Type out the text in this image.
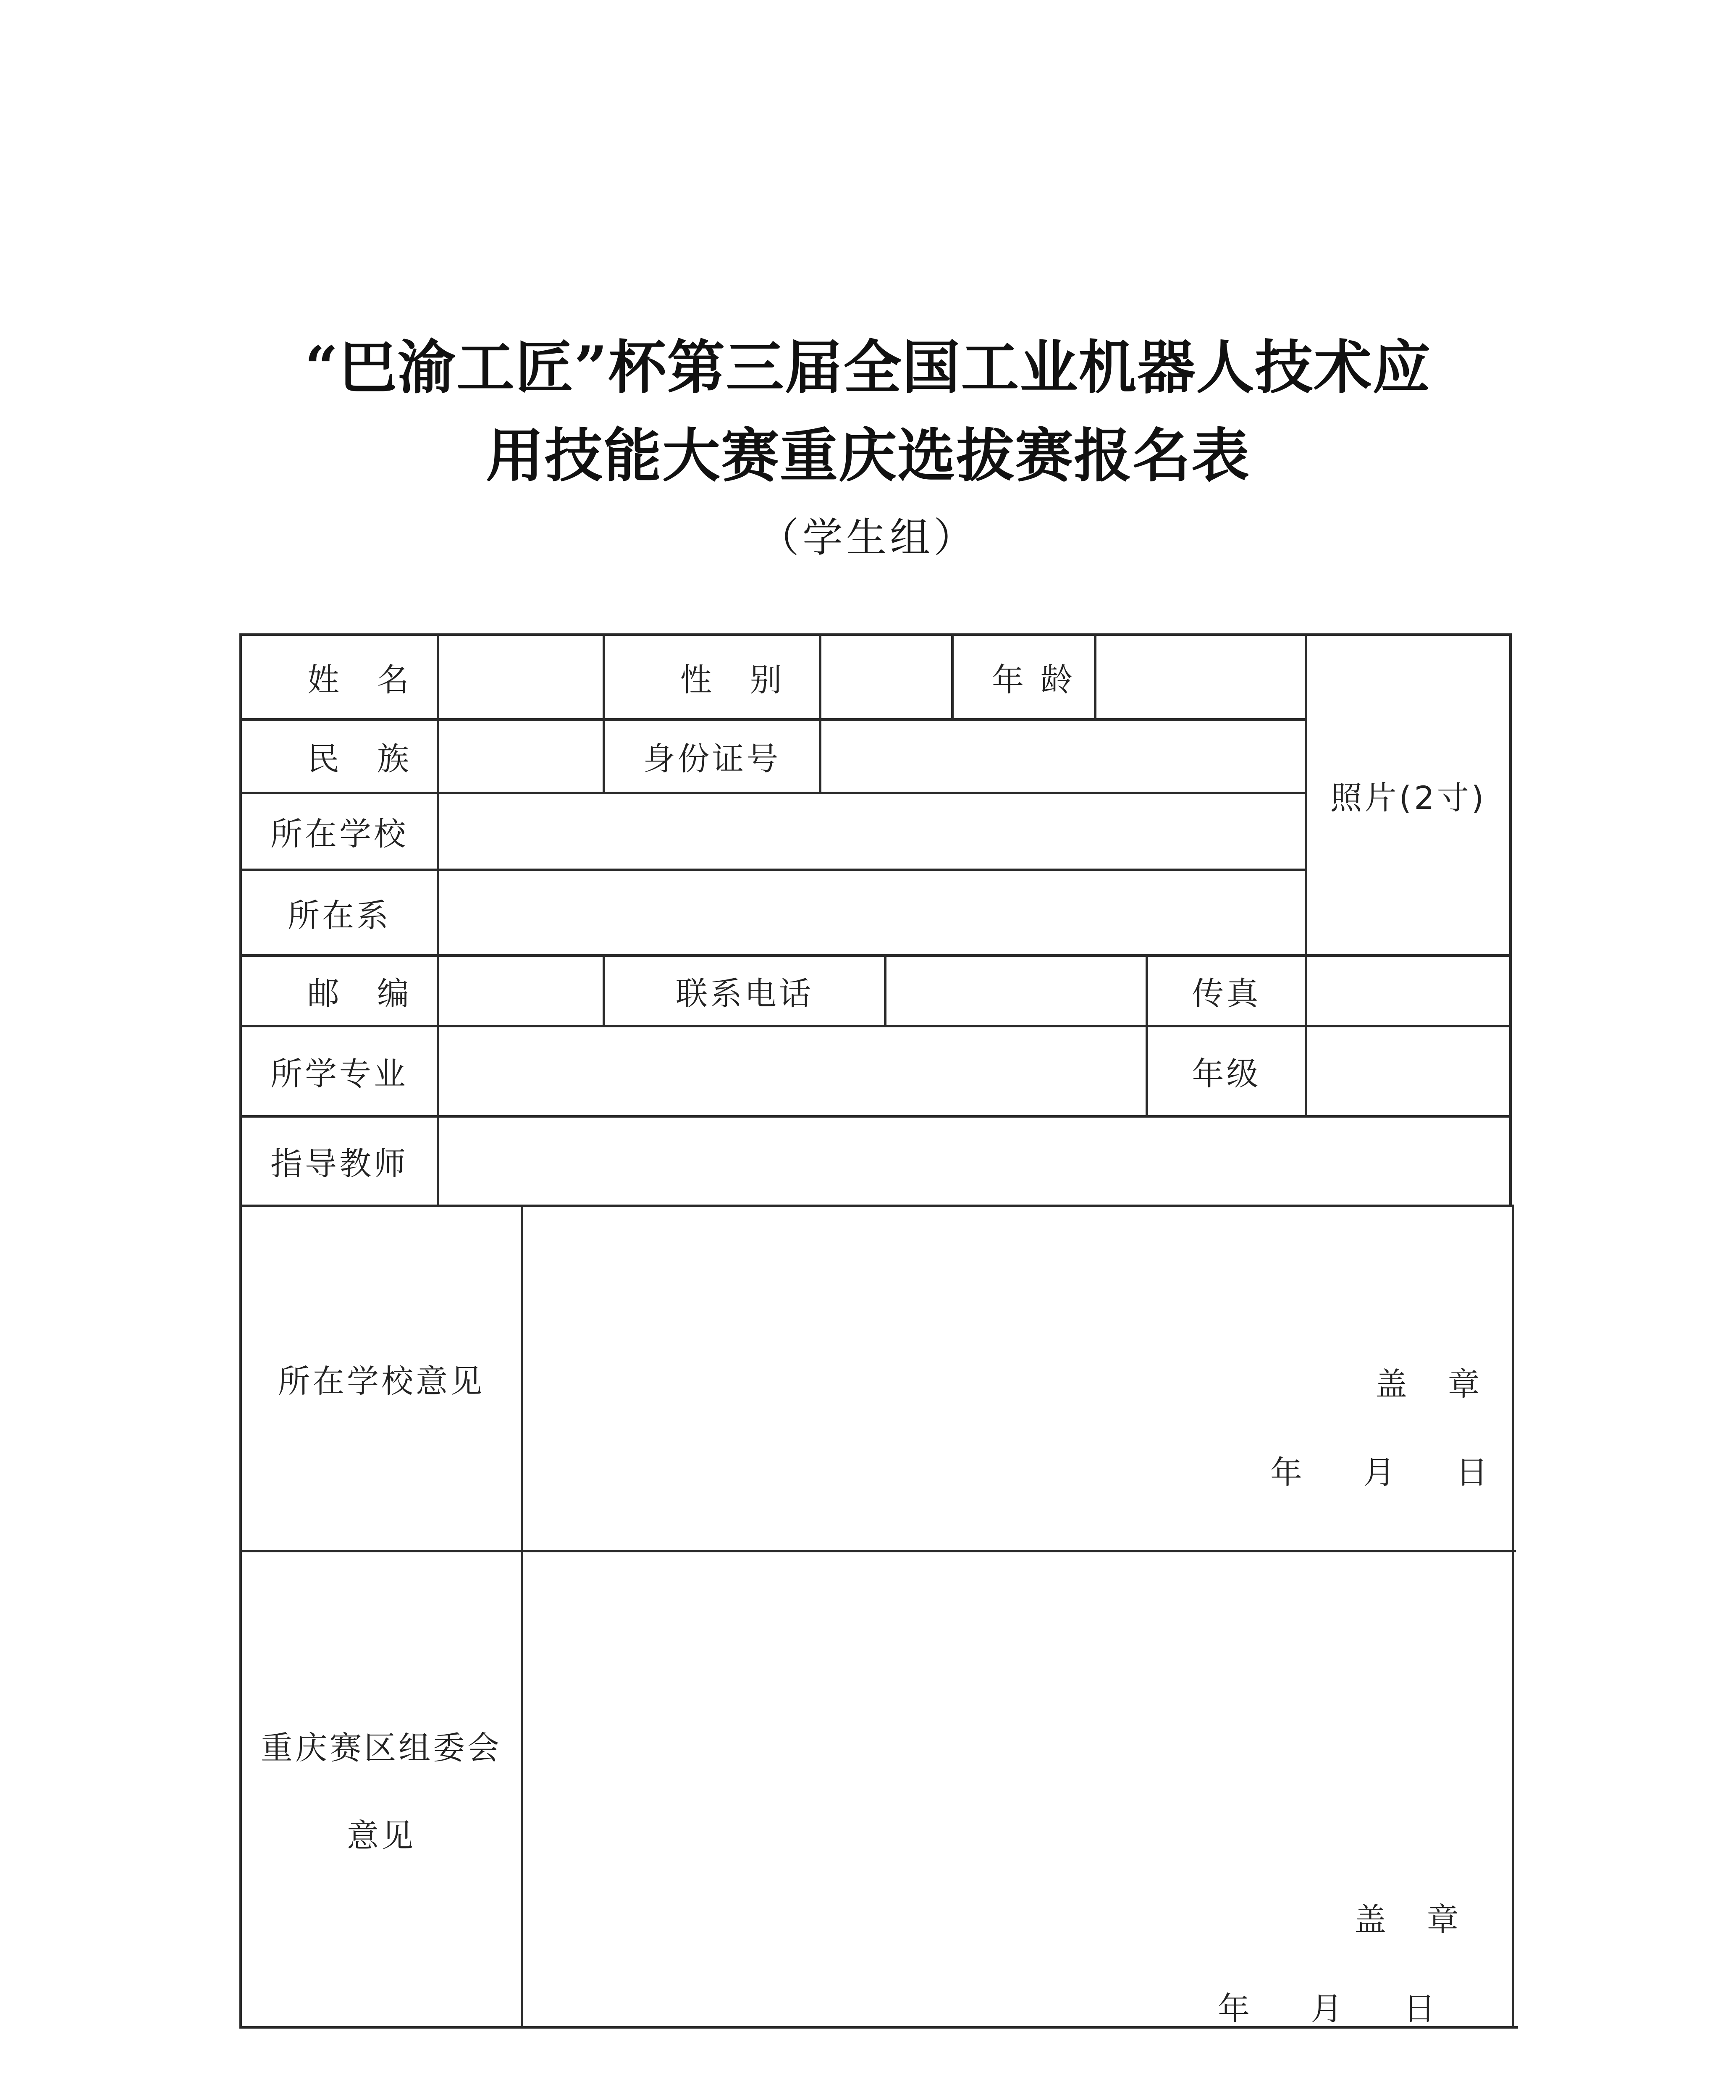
“巴渝工匠”杯第三届全国工业机器人技术应
用技能大赛重庆选拔赛报名表
（学生组）
姓名	性别	年龄
照片(2寸)
民族	身份证号
所在学校
所在系
邮编	联系电话	传真
所学专业	年级
指导教师
所在学校意见	盖    章
年      月      日
重庆赛区组委会
意见
盖    章
年      月      日
